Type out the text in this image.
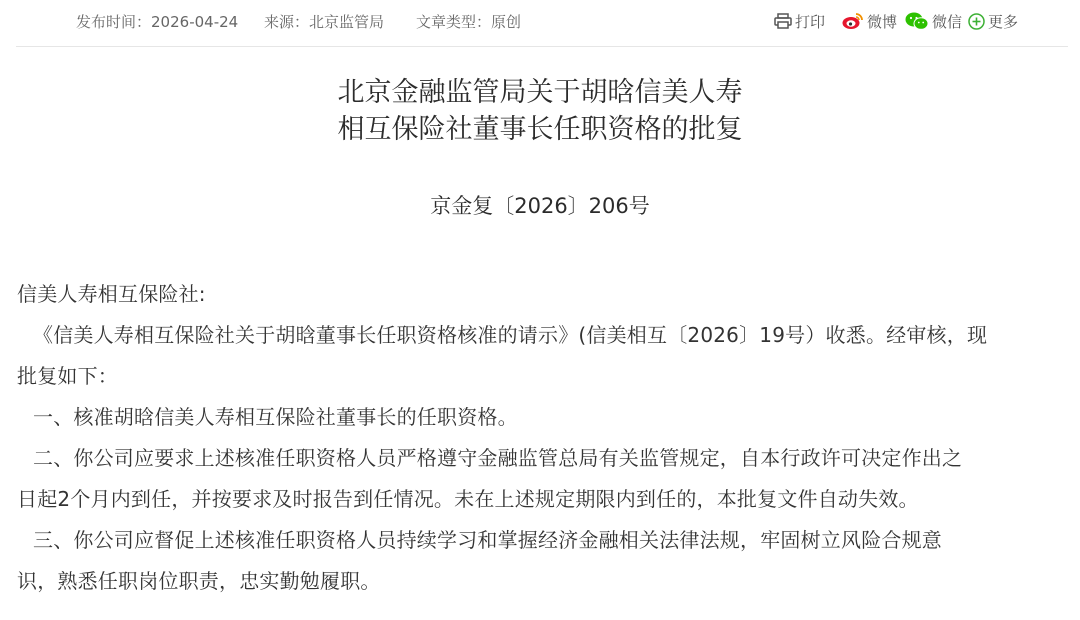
发布时间：2026-04-24 来源：北京监管局 文章类型：原创	打印	微博 微信 更多
北京金融监管局关于胡晗信美人寿
相互保险社董事长任职资格的批复
京金复〔2026〕206号

信美人寿相互保险社:

《信美人寿相互保险社关于胡晗董事长任职资格核准的请示》(信美相互〔2026〕19号）收悉。经审核，现

批复如下：

一、核准胡晗信美人寿相互保险社董事长的任职资格。

二、你公司应要求上述核准任职资格人员严格遵守金融监管总局有关监管规定，自本行政许可决定作出之

日起2个月内到任，并按要求及时报告到任情况。未在上述规定期限内到任的，本批复文件自动失效。

三、你公司应督促上述核准任职资格人员持续学习和掌握经济金融相关法律法规，牢固树立风险合规意

识，熟悉任职岗位职责，忠实勤勉履职。
